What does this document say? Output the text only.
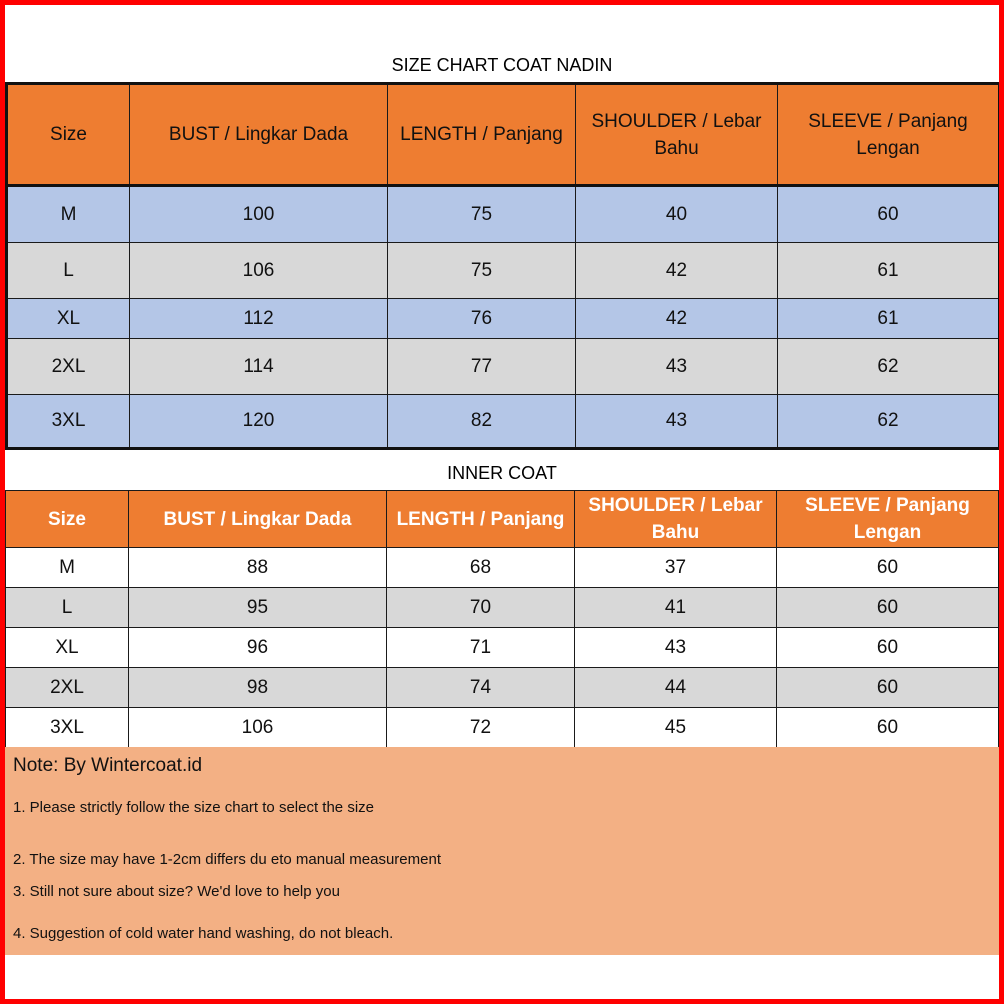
SIZE CHART COAT NADIN
Size	BUST / Lingkar Dada	LENGTH / Panjang	SHOULDER / Lebar Bahu	SLEEVE / Panjang Lengan
M	100	75	40	60
L	106	75	42	61
XL	112	76	42	61
2XL	114	77	43	62
3XL	120	82	43	62
INNER COAT
Size	BUST / Lingkar Dada	LENGTH / Panjang	SHOULDER / Lebar Bahu	SLEEVE / Panjang Lengan
M	88	68	37	60
L	95	70	41	60
XL	96	71	43	60
2XL	98	74	44	60
3XL	106	72	45	60
Note: By Wintercoat.id
1. Please strictly follow the size chart to select the size
2. The size may have 1-2cm differs du eto manual measurement
3. Still not sure about size? We'd love to help you
4. Suggestion of cold water hand washing, do not bleach.
